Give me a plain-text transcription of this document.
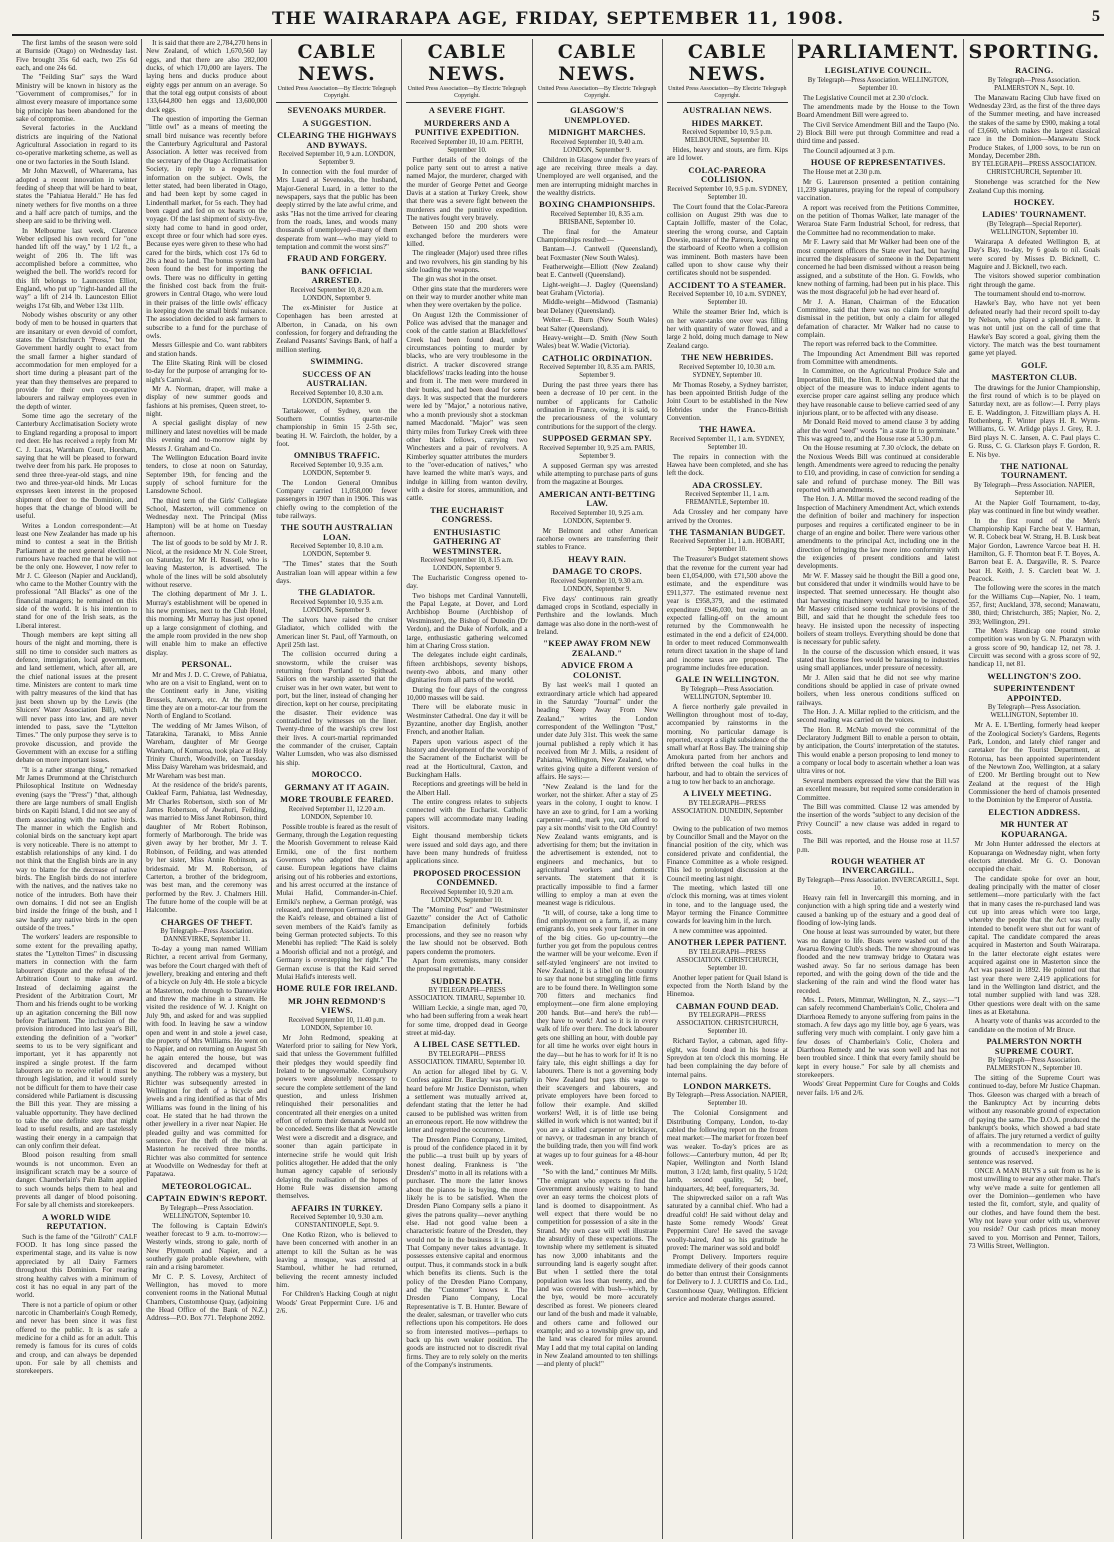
THE WAIRARAPA AGE, FRIDAY, SEPTEMBER 11, 1908.	5

The first lambs of the season were sold at Burnside (Otago) on Wednesday last. Five brought 35s 6d each, two 25s 6d each, and one 24s 6d.

The "Feilding Star" says the Ward Ministry will be known in history as the "Government of compromises," for in almost every measure of importance some big principle has been abandoned for the sake of compromise.

Several factories in the Auckland districts are inquiring of the National Agricultural Association in regard to its co-operative marketing scheme, as well as one or two factories in the South Island.

Mr John Maxwell, of Wharerama, has adopted a recent innovation in winter feeding of sheep that will be hard to beat, states the "Pahiatua Herald." He has fed ninety wethers for five months on a three and a half acre patch of turnips, and the sheep are said to be thriving well.

In Melbourne last week, Clarence Weber eclipsed his own record for "one handed lift off the way," by 1 1/2 ft., a weight of 206 lb. The lift was accomplished before a committee, who weighed the bell. The world's record for this lift belongs to Launceston Elliot, England, who put up "right-handed all the way" a lift of 214 lb. Launceston Elliot weighs 17st 6lb, and Weber 13st 11lb.

Nobody wishes obscurity or any other body of men to be housed in quarters that are insanitary or even devoid of comfort, states the Christchurch "Press," but the Government hardly ought to exact from the small farmer a higher standard of accommodation for men employed for a short time during a pleasant part of the year than they themselves are prepared to provide for their own co-operative labourers and railway employees even in the depth of winter.

Some time ago the secretary of the Canterbury Acclimatisation Society wrote to England regarding a proposal to import red deer. He has received a reply from Mr C. J. Lucas, Warnham Court, Horsham, saying that he will be pleased to forward twelve deer from his park. He proposes to send three three-year-old stags, and nine two and three-year-old hinds. Mr Lucas expresses keen interest in the proposed shipment of deer to the Dominion, and hopes that the change of blood will be useful.

Writes a London correspondent:—At least one New Zealander has made up his mind to contest a seat in the British Parliament at the next general election—rumours have reached me that he will not be the only one. However, I now refer to Mr J. C. Gleeson (Napier and Auckland), who came to the Mother Country with the professional "All Blacks" as one of the financial managers; he remained on this side of the world. It is his intention to stand for one of the Irish seats, as the Liberal interest.

Though members are kept sitting all hours of the night and morning, there is still no time to consider such matters as defence, immigration, local government, and land settlement, which, after all, are the chief national issues at the present time. Ministers are content to mark time with paltry measures of the kind that has just been shown up by the Lewis (the Sluicers' Water Association Bill), which will never pass into law, and are never intended to pass, save the "Lyttelton Times." The only purpose they serve is to provoke discussion, and provide the Government with an excuse for a stifling debate on more important issues.

"It is a rather strange thing," remarked Mr James Drummond at the Christchurch Philosophical Institute on Wednesday evening (says the "Press") "that, although there are large numbers of small English birds on Kapiti Island, I did not see any of them associating with the native birds. The manner in which the English and colonial birds on the sanctuary kept apart is very noticeable. There is no attempt to establish relationships of any kind. I do not think that the English birds are in any way to blame for the decrease of native birds. The English birds do not interfere with the natives, and the natives take no notice of the intruders. Both have their own domains. I did not see an English bird inside the fringe of the bush, and I saw hardly any native birds in the open outside of the trees."

The workers' leaders are responsible to some extent for the prevailing apathy, states the "Lyttelton Times" in discussing matters in connection with the farm labourers' dispute and the refusal of the Arbitration Court to make an award. Instead of declaiming against the President of the Arbitration Court, Mr Thorn and his friends ought to be working up an agitation concerning the Bill now before Parliament. The inclusion of the provision introduced into last year's Bill, extending the definition of a "worker" seems to us to be very significant and important, yet it has apparently not inspired a single protest. If the farm labourers are to receive relief it must be through legislation, and it would surely not be difficult for them to have their case considered while Parliament is discussing the Bill this year. They are missing a valuable opportunity. They have declined to take the one definite step that might lead to useful results, and are tastelessly wasting their energy in a campaign that can only confirm their defeat.

Blood poison resulting from small wounds is not uncommon. Even an insignificant scratch may be a source of danger. Chamberlain's Pain Balm applied to such wounds helps them to heal and prevents all danger of blood poisoning. For sale by all chemists and storekeepers.

A WORLD WIDE REPUTATION.

Such is the fame of the "Gilroth" CALF FOOD. It has long since passed the experimental stage, and its value is now appreciated by all Dairy Farmers throughout this Dominion. For rearing strong healthy calves with a minimum of cost it has no equal in any part of the world.

There is not a particle of opium or other narcotic in Chamberlain's Cough Remedy, and never has been since it was first offered to the public. It is as safe a medicine for a child as for an adult. This remedy is famous for its cures of colds and croup, and can always be depended upon. For sale by all chemists and storekeepers.

It is said that there are 2,784,270 hens in New Zealand, of which 1,670,560 lay eggs, and that there are also 282,000 ducks, of which 170,000 are layers. The laying hens and ducks produce about eighty eggs per annum on an average. So that the total egg output consists of about 133,644,800 hen eggs and 13,600,000 duck eggs.

The question of importing the German "little owl" as a means of meeting the small bird nuisance was recently before the Canterbury Agricultural and Pastoral Association. A letter was received from the secretary of the Otago Acclimatisation Society, in reply to a request for information on the subject. Owls, the letter stated, had been liberated in Otago, and had been kept by some caged in Lindenthall market, for 5s each. They had been caged and fed on ox hearts on the voyage. Of the last shipment of sixty-five, sixty had come to hand in good order, except three or four which had sore eyes. Because eyes were given to these who had cared for the birds, which cost 17s 6d to 20s a head to land. The bonus system had been found the best for importing the owls. There was no difficulty in getting the finished cost back from the fruit-growers in Central Otago, who were loud in their praises of the little owls' efficacy in keeping down the small birds' nuisance. The association decided to ask farmers to subscribe to a fund for the purchase of owls.

Messrs Gillespie and Co. want rabbiters and station hands.

The Elite Skating Rink will be closed to-day for the purpose of arranging for to-night's Carnival.

Mr A. Norman, draper, will make a display of new summer goods and fashions at his premises, Queen street, to-night.

A special gaslight display of new millinery and latest novelties will be made this evening and to-morrow night by Messrs J. Graham and Co.

The Wellington Education Board invite tenders, to close at noon on Saturday, September 19th, for fencing and the supply of school furniture for the Lansdowne School.

The third term of the Girls' Collegiate School, Masterton, will commence on Wednesday next. The Principal (Miss Hampton) will be at home on Tuesday afternoon.

The list of goods to be sold by Mr J. R. Nicol, at the residence Mr N. Cole Street, on Saturday, for Mr H. Russell, who is leaving Masterton, is advertised. The whole of the lines will be sold absolutely without reserve.

The clothing department of Mr J. L. Murray's establishment will be opened in his new premises, next to the Club Hotel, this morning. Mr Murray has just opened up a large consignment of clothing, and the ample room provided in the new shop will enable him to make an effective display.

PERSONAL.

Mr and Mrs J. D. C. Crewe, of Pahiatua, who are on a visit to England, went on to the Continent early in June, visiting Brussels, Antwerp, etc. At the present time they are on a motor-car tour from the North of England to Scotland.

The wedding of Mr James Wilson, of Tatarakina, Taranaki, to Miss Annie Wareham, daughter of Mr George Wareham, of Komaroa, took place at Holy Trinity Church, Woodville, on Tuesday. Miss Daisy Wareham was bridesmaid, and Mr Wareham was best man.

At the residence of the bride's parents, Oakleaf Farm, Pahiatua, last Wednesday, Mr Charles Robertson, sixth son of Mr James Robertson, of Awahuri, Feilding, was married to Miss Janet Robinson, third daughter of Mr Robert Robinson, formerly of Marlborough. The bride was given away by her brother, Mr J. T. Robinson, of Feilding, and was attended by her sister, Miss Annie Robinson, as bridesmaid. Mr M. Robertson, of Carterton, a brother of the bridegroom, was best man, and the ceremony was performed by the Rev. J. Chalmers Hill. The future home of the couple will be at Halcombe.

CHARGES OF THEFT.
By Telegraph—Press Association. DANNEVIRKE, September 11.

To-day a young man named William Richter, a recent arrival from Germany, was before the Court charged with theft of jewellery, breaking and entering and theft of a bicycle on July 4th. He stole a bicycle at Masterton, rode through to Dannevirke and threw the machine in a stream. He visited the residence of W. J. Knight on July 9th, and asked for and was supplied with food. In leaving he saw a window open and went in and stole a jewel case, the property of Mrs Williams. He went on to Napier, and on returning on August 5th he again entered the house, but was discovered and decamped without anything. The robbery was a mystery, but Richter was subsequently arrested in Wellington for theft of a bicycle and jewels and a ring identified as that of Mrs Williams was found in the lining of his coat. He stated that he had thrown the other jewellery in a river near Napier. He pleaded guilty and was committed for sentence. For the theft of the bike at Masterton he received three months. Richter was also committed for sentence at Woodville on Wednesday for theft at Papatawa.

METEOROLOGICAL.
CAPTAIN EDWIN'S REPORT.
By Telegraph—Press Association. WELLINGTON, September 10.

The following is Captain Edwin's weather forecast to 9 a.m. to-morrow:—Westerly winds, strong to gale, north of New Plymouth and Napier, and a southerly gale probable elsewhere, with rain and a rising barometer.

Mr C. P. S. Lovesy, Architect of Wellington, has moved to more convenient rooms in the National Mutual Chambers, Customhouse Quay, (adjoining the Head Office of the Bank of N.Z.) Address—P.O. Box 771. Telephone 2092.

CABLE NEWS.
United Press Association—By Electric Telegraph Copyright.
SEVENOAKS MURDER.
A SUGGESTION.
CLEARING THE HIGHWAYS AND BYWAYS.
Received September 10, 9 a.m. LONDON, September 9.

In connection with the foul murder of Mrs Luard at Sevenoaks, the husband, Major-General Luard, in a letter to the newspapers, says that the public has been deeply stirred by the late awful crime, and asks "Has not the time arrived for clearing from the roads, lanes, and woods many thousands of unemployed—many of them desperate from want—who may yield to temptation and commit the worst sins?"

FRAUD AND FORGERY.
BANK OFFICIAL ARRESTED.
Received September 10, 8.20 a.m. LONDON, September 9.

The ex-Minister for Justice at Copenhagen has been arrested at Alberton, in Canada, on his own confession, for forgery and defrauding the Zealand Peasants' Savings Bank, of half a million sterling.

SWIMMING.
SUCCESS OF AN AUSTRALIAN.
Received September 10, 8.30 a.m. LONDON, September 9.

Tartakower, of Sydney, won the Southern Counties quarter-mile championship in 6min 15 2-5th sec, beating H. W. Faircloth, the holder, by a foot.

OMNIBUS TRAFFIC.
Received September 10, 9.35 a.m. LONDON, September 9.

The London General Omnibus Company carried 11,058,000 fewer passengers in 1907 than in 1906. This was chiefly owing to the completion of the tube railways.

THE SOUTH AUSTRALIAN LOAN.
Received September 10, 8.10 a.m. LONDON, September 9.

"The Times" states that the South Australian loan will appear within a few days.

THE GLADIATOR.
Received September 10, 9.35 a.m. LONDON, September 9.

The salvors have raised the cruiser Gladiator, which collided with the American liner St. Paul, off Yarmouth, on April 25th last.

The collision occurred during a snowstorm, while the cruiser was returning from Portland to Spithead. Sailors on the warship asserted that the cruiser was in her own water, but went to port, but the liner, instead of changing her direction, kept on her course, precipitating the disaster. Their evidence was contradicted by witnesses on the liner. Twenty-three of the warship's crew lost their lives. A court-martial reprimanded the commander of the cruiser, Captain Walter Lumsden, who was also dismissed his ship.

MOROCCO.
GERMANY AT IT AGAIN.
MORE TROUBLE FEARED.
Received September 11, 12.20 a.m. LONDON, September 10.

Possible trouble is feared as the result of Germany, through the Legation requesting the Moorish Government to release Kaid Ermiki, one of the first northern Governors who adopted the Hafidian cause. European legations have claims arising out of his robberies and extortions, and his arrest occurred at the instance of Mulai Hafid, Commander-in-Chief. Ermiki's nephew, a German protégé, was released, and thereupon Germany claimed the Kaid's release, and obtained a list of seven members of the Kaid's family as being German protected subjects. To this Menebhi has replied: "The Kaid is solely a Moorish official and not a protégé, and Germany is overstepping her right." The German excuse is that the Kaid served Mulai Hafid's interests well.

HOME RULE FOR IRELAND.
MR JOHN REDMOND'S VIEWS.
Received September 10, 11.40 p.m. LONDON, September 10.

Mr John Redmond, speaking at Waterford prior to sailing for New York, said that unless the Government fulfilled their pledges they would speedily find Ireland to be ungovernable. Compulsory powers were absolutely necessary to secure the complete settlement of the land question, and unless Irishmen relinquished their personalities and concentrated all their energies on a united effort of reform their demands would not be conceded. Seems like that at Newcastle West were a discredit and a disgrace, and sooner than again participate in internecine strife he would quit Irish politics altogether. He added that the only human agency capable of seriously delaying the realisation of the hopes of Home Rule was dissension among themselves.

AFFAIRS IN TURKEY.
Received September 10, 9.30 a.m. CONSTANTINOPLE, Sept. 9.

One Kotko Rizon, who is believed to have been concerned with another in an attempt to kill the Sultan as he was leaving a mosque, was arrested at Stamboul, whither he had returned, believing the recent amnesty included him.

For Children's Hacking Cough at night Woods' Great Peppermint Cure. 1/6 and 2/6.

CABLE NEWS.
United Press Association—By Electric Telegraph Copyright.
A SEVERE FIGHT.
MURDERERS AND A PUNITIVE EXPEDITION.
Received September 10, 10 a.m. PERTH, September 10.

Further details of the doings of the police party sent out to arrest a native named Major, the murderer, charged with the murder of George Pettet and George Davis at a station at Turkey Creek, show that there was a severe fight between the murderers and the punitive expedition. The natives fought very bravely.

Between 150 and 200 shots were exchanged before the murderers were killed.

The ringleader (Major) used three rifles and two revolvers, his gin standing by his side loading the weapons.

The gin was shot in the onset.

Other gins state that the murderers were on their way to murder another white man when they were overtaken by the police.

On August 12th the Commissioner of Police was advised that the manager and cook of the cattle station at Blackfellows' Creek had been found dead, under circumstances pointing to murder by blacks, who are very troublesome in the district. A tracker discovered strange blackfellows' tracks leading into the house and from it. The men were murdered in their bunks, and had been dead for some days. It was suspected that the murderers were led by "Major," a notorious native, who a month previously shot a stockman named Macdonald. "Major" was seen thirty miles from Turkey Creek with three other black fellows, carrying two Winchesters and a pair of revolvers. A Kimberley squatter attributes the murders to the "over-education of natives," who have learned the white man's ways, and indulge in killing from wanton devilry, with a desire for stores, ammunition, and cattle.

THE EUCHARIST CONGRESS.
ENTHUSIASTIC GATHERING AT WESTMINSTER.
Received September 10, 8.15 a.m. LONDON, September 9.

The Eucharistic Congress opened to-day.

Two bishops met Cardinal Vannutelli, the Papal Legate, at Dover, and Lord Archbishop Bourne (Archbishop of Westminster), the Bishop of Dunedin (Dr Verdon), and the Duke of Norfolk, and a large, enthusiastic gathering welcomed him at Charing Cross station.

The delegates include eight cardinals, fifteen archbishops, seventy bishops, twenty-two abbots, and many other dignitaries from all parts of the world.

During the four days of the congress 10,000 masses will be said.

There will be elaborate music in Westminster Cathedral. One day it will be Byzantine, another day English, another French, and another Italian.

Papers upon various aspect of the history and development of the worship of the Sacrament of the Eucharist will be read at the Horticultural, Caxton, and Buckingham Halls.

Receptions and greetings will be held in the Albert Hall.

The entire congress relates to subjects connected with the Eucharist. Catholic papers will accommodate many leading visitors.

Eight thousand membership tickets were issued and sold days ago, and there have been many hundreds of fruitless applications since.

PROPOSED PROCESSION CONDEMNED.
Received September 10, 9.20 a.m. LONDON, September 10.

The "Morning Post" and "Westminster Gazette" consider the Act of Catholic Emancipation definitely forbids processions, and they see no reason why the law should not be observed. Both papers condemn the promoters.

Apart from extremists, many consider the proposal regrettable.

SUDDEN DEATH.
BY TELEGRAPH—PRESS ASSOCIATION. TIMARU, September 10.

William Leckie, a single man, aged 70, who had been suffering from a weak heart for some time, dropped dead in George street at mid-day.

A LIBEL CASE SETTLED.
BY TELEGRAPH—PRESS ASSOCIATION. TIMARU, September 10.

An action for alleged libel by G. V. Confess against Dr. Barclay was partially heard before Mr Justice Denniston, when a settlement was mutually arrived at, defendant stating that the letter he had caused to be published was written from an erroneous report. He now withdrew the letter and regretted the occurrence.

The Dresden Piano Company, Limited, is proud of the confidence placed in it by the public—a trust built up by years of honest dealing. Frankness is "the Dresden's" motto in all its relations with a purchaser. The more the latter knows about the pianos he is buying, the more likely he is to be satisfied. When the Dresden Piano Company sells a piano it gives the patrons quality—never anything else. Had not good value been a characteristic feature of the Dresden, they would not be in the business it is to-day. That Company never takes advantage. It possesses extensive capital and enormous output. Thus, it commands stock in a bulk which benefits its clients. Such is the policy of the Dresden Piano Company, and the "Customer" knows it. The Dresden Piano Company, Local Representative is T. B. Hunter. Beware of the dealer, salesman, or traveller who cuts reflections upon his competitors. He does so from interested motives—perhaps to back up his own weaker position. The goods are instructed not to discredit rival firms. They are to rely solely on the merits of the Company's instruments.

CABLE NEWS.
United Press Association—By Electric Telegraph Copyright.
GLASGOW'S UNEMPLOYED.
MIDNIGHT MARCHES.
Received September 10, 9.40 a.m. LONDON, September 9.

Children in Glasgow under five years of age are receiving three meals a day. Unemployed are well organised, and the men are interrupting midnight marches in the wealthy districts.

BOXING CHAMPIONSHIPS.
Received September 10, 8.35 a.m. BRISBANE, September 10.

The final for the Amateur Championships resulted:—

Bantam—J. Cantwell (Queensland), beat Foxmaster (New South Wales).

Featherweight—Elliott (New Zealand) beat E. Cantwell (Queensland).

Light-weight—J. Dagley (Queensland) beat Graham (Victoria).

Middle-weight—Midwood (Tasmania) beat Delaney (Queensland).

Welter—E. Burn (New South Wales) beat Salter (Queensland).

Heavy-weight—D. Smith (New South Wales) beat W. Wadie (Victoria).

CATHOLIC ORDINATION.
Received September 10, 8.35 a.m. PARIS, September 9.

During the past three years there has been a decrease of 10 per cent. in the number of applicants for Catholic ordination in France, owing, it is said, to the precariousness of the voluntary contributions for the support of the clergy.

SUPPOSED GERMAN SPY.
Received September 10, 9.25 a.m. PARIS, September 9.

A supposed German spy was arrested while attempting to purchase parts of guns from the magazine at Bourges.

AMERICAN ANTI-BETTING LAW.
Received September 10, 9.25 a.m. LONDON, September 9.

Mr Belmont and other American racehorse owners are transferring their stables to France.

HEAVY RAIN.
DAMAGE TO CROPS.
Received September 10, 9.30 a.m. LONDON, September 9.

Five days' continuous rain greatly damaged crops in Scotland, especially in Perthshire and the lowlands. Much damage was also done in the north-west of Ireland.

"KEEP AWAY FROM NEW ZEALAND."
ADVICE FROM A COLONIST.

By last week's mail I quoted an extraordinary article which had appeared in the Saturday "Journal" under the heading "Keep Away From New Zealand," writes the London correspondent of the Wellington "Post," under date July 31st. This week the same journal published a reply which it has received from Mr J. Mills, a resident of Pahiatua, Wellington, New Zealand, who writes giving quite a different version of affairs. He says:—

"New Zealand is the land for the worker, not the shirker. After a stay of 25 years in the colony, I ought to know. I have an axe to grind, for I am a working carpenter—and, mark you, can afford to pay a six months' visit to the Old Country! New Zealand wants emigrants, and is advertising for them; but the invitation in the advertisement is extended, not to engineers and mechanics, but to agricultural workers and domestic servants. The statement that it is practically impossible to find a farmer willing to employ a man at even the meanest wage is ridiculous.

"It will, of course, take a long time to find employment on a farm, if, as many emigrants do, you seek your farmer in one of the big cities. Go up-country—the further you get from the populous centres the warmer will be your welcome. Even if self-styled 'engineers' are not invited to New Zealand, it is a libel on the country to say that none but struggling little firms are to be found there. In Wellington some 700 fitters and mechanics find employment—one firm alone employing 200 hands. But—and here's the rub!—they have to work! And so it is in every walk of life over there. The dock labourer gets one shilling an hour, with double pay for all time he works over eight hours in the day—but he has to work for it! It is no fairy tale, this eight shillings a day for labourers. There is not a governing body in New Zealand but pays this wage to their scavengers and labourers, and private employers have been forced to follow their example. And skilled workers! Well, it is of little use being skilled in work which is not wanted; but if you are a skilled carpenter or bricklayer, or navvy, or tradesman in any branch of the building trade, then you will find work at wages up to four guineas for a 48-hour week.

"So with the land," continues Mr Mills. "The emigrant who expects to find the Government anxiously waiting to hand over an easy terms the choicest plots of land is doomed to disappointment. As well expect that there would be no competition for possession of a site in the Strand. My own case will well illustrate the absurdity of these expectations. The township where my settlement is situated has now 3,000 inhabitants and the surrounding land is eagerly sought after. But when I settled there the total population was less than twenty, and the land was covered with bush—which, by the bye, would be more accurately described as forest. We pioneers cleared our land of the bush and made it valuable, and others came and followed our example; and so a township grew up, and the land was cleared for miles around. May I add that my total capital on landing in New Zealand amounted to ten shillings—and plenty of pluck!"

CABLE NEWS.
United Press Association—By Electric Telegraph Copyright.
AUSTRALIAN NEWS.
HIDES MARKET.
Received September 10, 9.5 p.m. MELBOURNE, September 10.

Hides, heavy and stouts, are firm. Kips are 1d lower.

COLAC-PAREORA COLLISION.
Received September 10, 9.5 p.m. SYDNEY, September 10.

The Court found that the Colac-Pareora collision on August 29th was due to Captain Jolliffe, master of the Colac, steering the wrong course, and Captain Dowsie, master of the Pareora, keeping on the starboard of Keotto when a collision was imminent. Both masters have been called upon to show cause why their certificates should not be suspended.

ACCIDENT TO A STEAMER.
Received September 10, 10 a.m. SYDNEY, September 10.

While the steamer Brier Ind, which is on her water-tanks one over was filling her with quantity of water flowed, and a large 2 hold, doing much damage to New Zealand cargo.

THE NEW HEBRIDES.
Received September 10, 10.30 a.m. SYDNEY, September 10.

Mr Thomas Roseby, a Sydney barrister, has been appointed British Judge of the Joint Court to be established in the New Hebrides under the Franco-British Convention.

THE HAWEA.
Received September 11, 1 a.m. SYDNEY, September 10.

The repairs in connection with the Hawea have been completed, and she has left the dock.

ADA CROSSLEY.
Received September 11, 1 a.m. FREMANTLE, September 10.

Ada Crossley and her company have arrived by the Orontes.

THE TASMANIAN BUDGET.
Received September 11, 1 a.m. HOBART, September 10.

The Treasurer's Budget statement shows that the revenue for the current year had been £1,054,000, with £71,500 above the estimate, and the expenditure was £911,377. The estimated revenue next year is £958,379, and the estimated expenditure £946,030, but owing to an expected falling-off on the amount returned by the Commonwealth he estimated in the end a deficit of £24,000. In order to meet reduced Commonwealth return direct taxation in the shape of land and income taxes are proposed. The programme includes free education.

GALE IN WELLINGTON.
By Telegraph—Press Association. WELLINGTON, September 10.

A fierce northerly gale prevailed in Wellington throughout most of to-day, accompanied by rainstorms in the morning. No particular damage is reported, except a slight subsidence of the small wharf at Ross Bay. The training ship Amokura parted from her anchors and drifted between the coal hulks in the harbour, and had to obtain the services of a tug to tow her back to an anchorage.

A LIVELY MEETING.
BY TELEGRAPH—PRESS ASSOCIATION. DUNEDIN, September 10.

Owing to the publication of two memos by Councillor Small and the Mayor on the financial position of the city, which was considered private and confidential, the Finance Committee as a whole resigned. This led to prolonged discussion at the Council meeting last night.

The meeting, which lasted till one o'clock this morning, was at times violent in tone, and to the language used, the Mayor terming the Finance Committee cowards for leaving him in the lurch.

A new committee was appointed.

ANOTHER LEPER PATIENT.
BY TELEGRAPH—PRESS ASSOCIATION. CHRISTCHURCH, September 10.

Another leper patient for Quail Island is expected from the North Island by the Hinemoa.

CABMAN FOUND DEAD.
BY TELEGRAPH—PRESS ASSOCIATION. CHRISTCHURCH, September 10.

Richard Taylor, a cabman, aged fifty-eight, was found dead in his house at Spreydon at ten o'clock this morning. He had been complaining the day before of internal pains.

LONDON MARKETS.
By Telegraph—Press Association. NAPIER, September 10.

The Colonial Consignment and Distributing Company, London, to-day cabled the following report on the frozen meat market:—The market for frozen beef was weaker. To-day's prices are as follows:—Canterbury mutton, 4d per lb; Napier, Wellington and North Island mutton, 3 1/2d; lamb, first quality, 5 1/2d; lamb, second quality, 5d; beef, hindquarters, 4d; beef, forequarters, 3d.

The shipwrecked sailor on a raft Was saturated by a cannibal chief. Who had a dreadful cold! He said without delay and haste Some remedy Woods' Great Peppermint Cure! He saved the savage woolly-haired, And so his gratitude he proved: The mariner was sold and bold!

Prompt Delivery. Importers require immediate delivery of their goods cannot do better than entrust their Consignments for Delivery to J. J. CURTIS and Co. Ltd., Customhouse Quay, Wellington. Efficient service and moderate charges assured.

PARLIAMENT.
LEGISLATIVE COUNCIL.
By Telegraph—Press Association. WELLINGTON, September 10.

The Legislative Council met at 2.30 o'clock.

The amendments made by the House to the Town Board Amendment Bill were agreed to.

The Civil Service Amendment Bill and the Taupo (No. 2) Block Bill were put through Committee and read a third time and passed.

The Council adjourned at 3 p.m.

HOUSE OF REPRESENTATIVES.

The House met at 2.30 p.m.

Mr G. Laurenson presented a petition containing 11,239 signatures, praying for the repeal of compulsory vaccination.

A report was received from the Petitions Committee, on the petition of Thomas Walker, late manager of the Weraroa State Farm Industrial School, for redress, that the Committee had no recommendation to make.

Mr F. Lawry said that Mr Walker had been one of the most competent officers the State ever had, but having incurred the displeasure of someone in the Department concerned he had been dismissed without a reason being assigned, and a substitute of the Hon. G. Fowlds, who knew nothing of farming, had been put in his place. This was the most disgraceful job he had ever heard of.

Mr J. A. Hanan, Chairman of the Education Committee, said that there was no claim for wrongful dismissal in the petition, but only a claim for alleged defamation of character. Mr Walker had no cause to complain.

The report was referred back to the Committee.

The Impounding Act Amendment Bill was reported from Committee with amendments.

In Committee, on the Agricultural Produce Sale and Importation Bill, the Hon. R. McNab explained that the object of the measure was to induce indent agents to exercise proper care against selling any produce which they have reasonable cause to believe carried seed of any injurious plant, or to be affected with any disease.

Mr Donald Reid moved to amend clause 3 by adding after the word "seed" words "in a state fit to germinate." This was agreed to, and the House rose at 5.30 p.m.

On the House resuming at 7.30 o'clock, the debate on the Noxious Weeds Bill was continued at considerable length. Amendments were agreed to reducing the penalty to £10, and providing, in case of conviction for sending a sale and refund of purchase money. The Bill was reported with amendments.

The Hon. J. A. Millar moved the second reading of the Inspection of Machinery Amendment Act, which extends the definition of boiler and machinery for inspection purposes and requires a certificated engineer to be in charge of an engine and boiler. There were various other amendments to the principal Act, including one in the direction of bringing the law more into conformity with the exigencies of present conditions and latest developments.

Mr W. F. Massey said he thought the Bill a good one, but considered that under it windmills would have to be inspected. That seemed unnecessary. He thought also that harvesting machinery would have to be inspected. Mr Massey criticised some technical provisions of the Bill, and said that he thought the schedule fees too heavy. He insisted upon the necessity of inspecting boilers of steam trolleys. Everything should be done that is necessary for public safety.

In the course of the discussion which ensued, it was stated that license fees would be harassing to industries using small appliances, under pressure of necessity.

Mr J. Allen said that he did not see why marine conditions should be applied in case of private owned boilers, when less onerous conditions sufficed on railways.

The Hon. J. A. Millar replied to the criticism, and the second reading was carried on the voices.

The Hon. R. McNab moved the committal of the Declaratory Judgment Bill to enable a person to obtain, by anticipation, the Courts' interpretation of the statutes. This would enable a person proposing to lend money to a company or local body to ascertain whether a loan was ultra vires or not.

Several members expressed the view that the Bill was an excellent measure, but required some consideration in Committee.

The Bill was committed. Clause 12 was amended by the insertion of the words "subject to any decision of the Privy Council" a new clause was added in regard to costs.

The Bill was reported, and the House rose at 11.57 p.m.

ROUGH WEATHER AT INVERCARGILL.
By Telegraph—Press Association. INVERCARGILL, Sept. 10.

Heavy rain fell in Invercargill this morning, and in conjunction with a high spring tide and a westerly wind caused a banking up of the estuary and a good deal of flooding of low-lying lands.

One house at least was surrounded by water, but there was no danger to life. Boats were washed out of the Awarua Rowing Club's sheds. The new showground was flooded and the new tramway bridge to Otatara was washed away. So far no serious damage has been reported, and with the going down of the tide and the slackening of the rain and wind the flood water has receded.

Mrs. L. Peters, Mimmar, Wellington, N. Z., says:—"I can safely recommend Chamberlain's Colic, Cholera and Diarrhoea Remedy to anyone suffering from pains in the stomach. A few days ago my little boy, age 6 years, was suffering very much with complaint. I only gave him a few doses of Chamberlain's Colic, Cholera and Diarrhoea Remedy and he was soon well and has not been troubled since. I think that every family should be kept in every house." For sale by all chemists and storekeepers.

Woods' Great Peppermint Cure for Coughs and Colds never fails. 1/6 and 2/6.

SPORTING.
RACING.
By Telegraph—Press Association. PALMERSTON N., Sept. 10.

The Manawatu Racing Club have fixed on Wednesday 23rd, as the first of the three days of the Summer meeting, and have increased the stakes of the same by £900, making a total of £3,660, which makes the largest classical race in the Dominion—Manawatu Stock Produce Stakes, of 1,000 sovs, to be run on Monday, December 28th.

BY TELEGRAPH—PRESS ASSOCIATION. CHRISTCHURCH, September 10.

Stonehenge was scratched for the New Zealand Cup this morning.

HOCKEY.
LADIES' TOURNAMENT.
(By Telegraph—Special Reporter). WELLINGTON, September 10.

Wairarapa A defeated Wellington B, at Day's Bay, to-day, by 6 goals to nil. Goals were scored by Misses D. Bicknell, C. Maguire and J. Bicknell, two each.

The visitors showed superior combination right through the game.

The tournament should end to-morrow.

Hawke's Bay, who have not yet been defeated nearly had their record spoilt to-day by Nelson, who played a splendid game. It was not until just on the call of time that Hawke's Bay scored a goal, giving them the victory. The match was the best tournament game yet played.

GOLF.
MASTERTON CLUB.

The drawings for the Junior Championship, the first round of which is to be played on Saturday next, are as follow:—I. Perry plays E. E. Waddington, J. Fitzwilliam plays A. H. Rothenberg, F. Winter plays H. R. Wynn-Williams, G. W. Arlidge plays J. Grey, R. J. Bird plays N. C. Jansen, A. C. Paul plays C. G. Russ, C. G. Clarkson plays F. Gordon, R. E. Nis bye.

THE NATIONAL TOURNAMENT.
By Telegraph—Press Association. NAPIER, September 10.

At the Napier Golf Tournament, to-day, play was continued in fine but windy weather.

In the first round of the Men's Championship Kapi Farche beat V. Harman, W. R. Cobeck beat W. Strang, H. B. Lusk beat Major Gordon, Lawrence Varcoe beat H. H. Hamilton, G. F. Thornton beat F. T. Boyes, A. Barron beat E. A. Dargaville, R. S. Pearce beat H. Keith, J. S. Carclett beat W. J. Peacock.

The following were the scores in the match for the Williams Cup—Napier, No. 1 team, 357, first; Auckland, 378, second; Manawatu, 380, third; Christchurch, 385; Napier, No. 2, 393; Wellington, 291.

The Men's Handicap one round stroke competition was won by G. N. Pharazyn with a gross score of 90, handicap 12, net 78. J. Circuitt was second with a gross score of 92, handicap 11, net 81.

WELLINGTON'S ZOO.
SUPERINTENDENT APPOINTED.
By Telegraph—Press Association. WELLINGTON, September 10.

Mr A. E. L'Bertling, formerly head keeper of the Zoological Society's Gardens, Regents Park, London, and lately chief ranger and caretaker for the Tourist Department, at Rotorua, has been appointed superintendent of the Newtown Zoo, Wellington, at a salary of £200. Mr Bertling brought out to New Zealand at the request of the High Commissioner the herd of chamois presented to the Dominion by the Emperor of Austria.

ELECTION ADDRESS.
MR HUNTER AT KOPUARANGA.

Mr John Hunter addressed the electors at Kopuaranga on Wednesday night, when forty electors attended. Mr G. O. Donovan occupied the chair.

The candidate spoke for over an hour, dealing principally with the matter of closer settlement—more particularly with the fact that in many cases the re-purchased land was cut up into areas which were too large, whereby the people that the Act was really intended to benefit were shut out for want of capital. The candidate compared the areas acquired in Masterton and South Wairarapa. In the latter electorate eight estates were acquired against one in Masterton since the Act was passed in 1892. He pointed out that last year there were 2,419 applications for land in the Wellington land district, and the total number supplied with land was 328. Other questions were dealt with on the same lines as at Eketahuna.

A hearty vote of thanks was accorded to the candidate on the motion of Mr Bruce.

PALMERSTON NORTH SUPREME COURT.
By Telegraph—Press Association. PALMERSTON N., September 10.

The sitting of the Supreme Court was continued to-day, before Mr Justice Chapman. Thos. Gleeson was charged with a breach of the Bankruptcy Act by incurring debts without any reasonable ground of expectation of paying the same. The D.O.A. produced the bankrupt's books, which showed a bad state of affairs. The jury returned a verdict of guilty with a recommendation to mercy on the grounds of accused's inexperience and sentence was reserved.

ONCE A MAN BUYS a suit from us he is most unwilling to wear any other make. That's why we've made a suite for gentlemen all over the Dominion—gentlemen who have tested the fit, comfort, style, and quality of our clothes, and have found them the best. Why not leave your order with us, wherever you reside? Our cash prices mean money saved to you. Morrison and Penner, Tailors, 73 Willis Street, Wellington.
